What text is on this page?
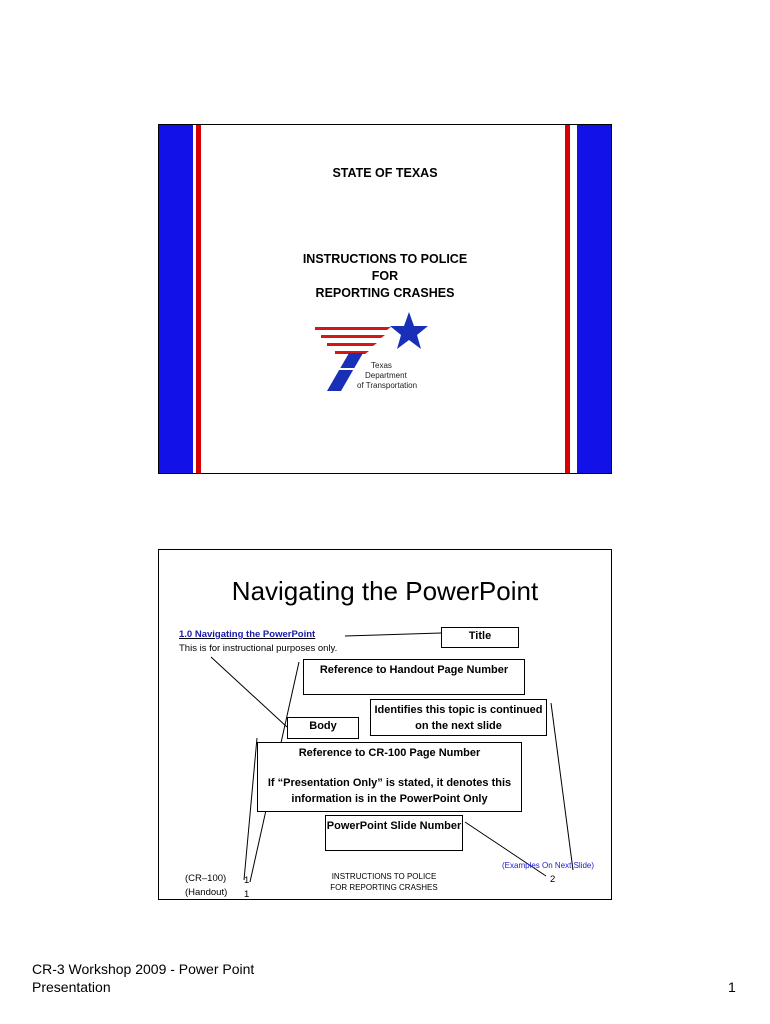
STATE OF TEXAS
INSTRUCTIONS TO POLICE
FOR
REPORTING CRASHES
Texas
Department
of Transportation
Navigating the PowerPoint
1.0 Navigating the PowerPoint
This is for instructional purposes only.
Title
Reference to Handout Page Number
Identifies this topic is continued on the next slide
Body
Reference to CR-100 Page Number
If “Presentation Only” is stated, it denotes this information is in the PowerPoint Only
PowerPoint Slide Number
(Examples On Next Slide)
2
(CR–100) 1
(Handout) 1
INSTRUCTIONS TO POLICE
FOR REPORTING CRASHES
CR-3 Workshop 2009 - Power Point
Presentation	1
